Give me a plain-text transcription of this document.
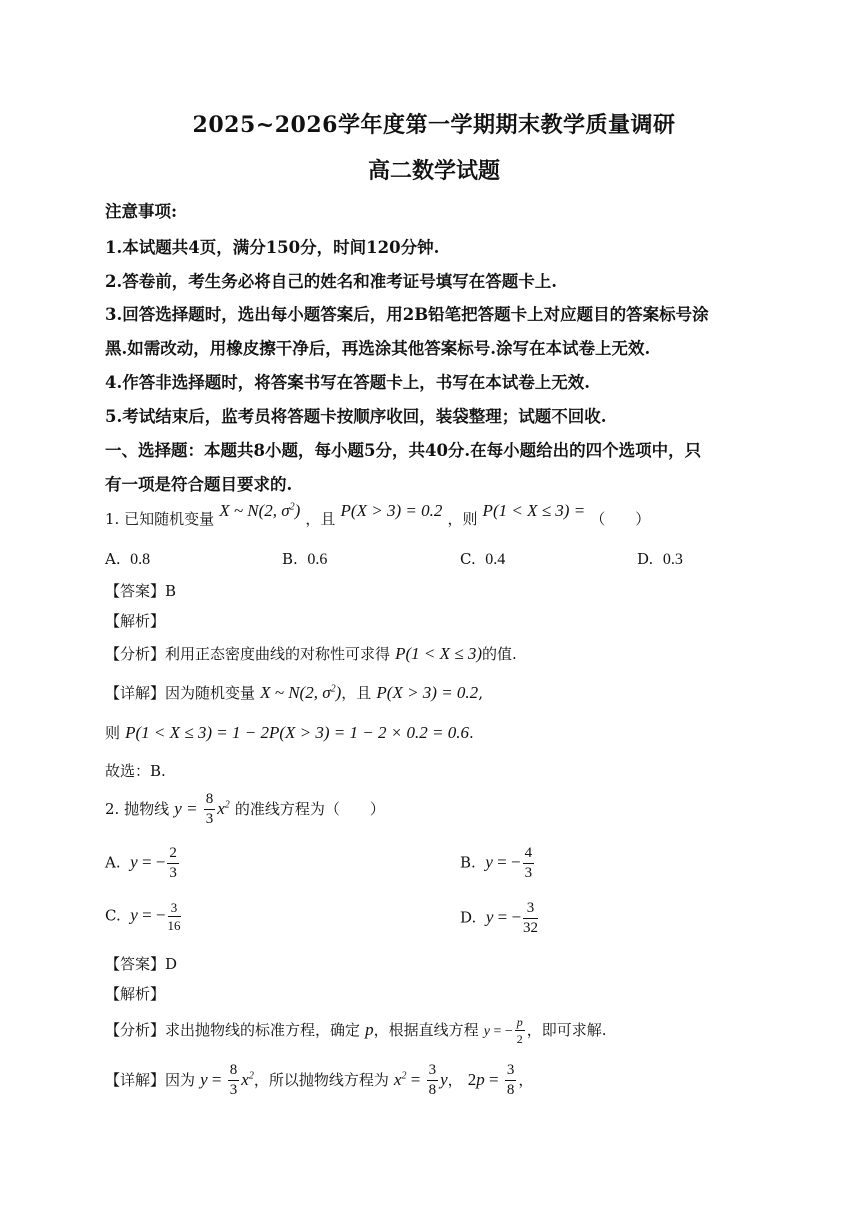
2025~2026学年度第一学期期末教学质量调研
高二数学试题
注意事项:
1.本试题共4页，满分150分，时间120分钟.
2.答卷前，考生务必将自己的姓名和准考证号填写在答题卡上.
3.回答选择题时，选出每小题答案后，用2B铅笔把答题卡上对应题目的答案标号涂
黑.如需改动，用橡皮擦干净后，再选涂其他答案标号.涂写在本试卷上无效.
4.作答非选择题时，将答案书写在答题卡上，书写在本试卷上无效.
5.考试结束后，监考员将答题卡按顺序收回，装袋整理；试题不回收.
一、选择题：本题共8小题，每小题5分，共40分.在每小题给出的四个选项中，只
有一项是符合题目要求的.
1. 已知随机变量 X ~ N(2, $\sigma^2$) ，且 P(X > 3) = 0.2 ，则 P(1 < X ≤ 3) = （　　）
A. 0.8	B. 0.6	C. 0.4	D. 0.3
【答案】B
【解析】
【分析】利用正态密度曲线的对称性可求得 P(1 < X ≤ 3)的值.
【详解】因为随机变量 X ~ N(2, $\sigma^2$)，且 P(X > 3) = 0.2,
则 P(1 < X ≤ 3) = 1 − 2P(X > 3) = 1 − 2 × 0.2 = 0.6.
故选：B.
2. 抛物线 $y = \frac{8}{3} x^2$ 的准线方程为（　　）
A. y = − $\frac{2}{3}$	B. y = − $\frac{4}{3}$
C. y = − $\frac{3}{16}$	D. y = − $\frac{3}{32}$
【答案】D
【解析】
【分析】求出抛物线的标准方程，确定 p，根据直线方程 y = − $\frac{p}{2}$ ，即可求解.
【详解】因为 $y = \frac{8}{3} x^2$，所以抛物线方程为 $x^2 = \frac{3}{8}$ y， $2p = \frac{3}{8}$ ，
